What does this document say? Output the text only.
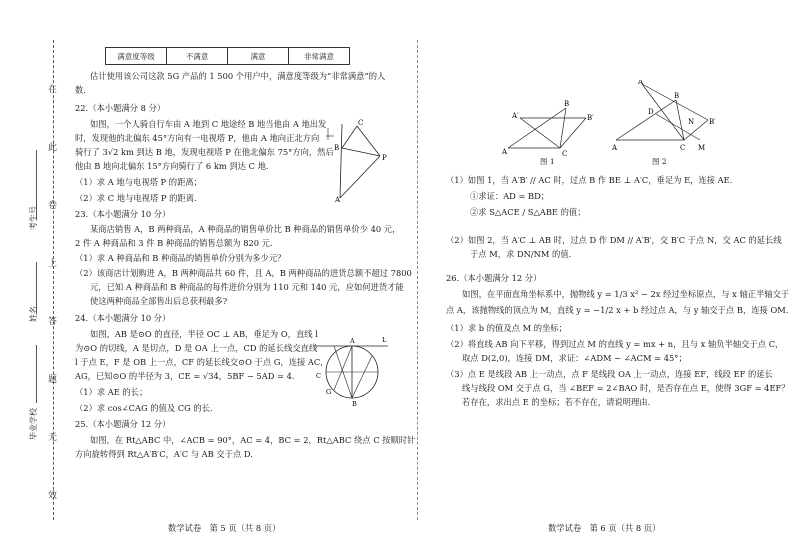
在
此
卷
上
答
题
无
效
考生号
姓名
毕业学校
满意度等级	不满意	满意	非常满意
估计使用该公司这款 5G 产品的 1 500 个用户中，满意度等级为“非常满意”的人
数.
22.（本小题满分 8 分）
如图，一个人骑自行车由 A 地到 C 地途经 B 地当他由 A 地出发
时，发现他的北偏东 45°方向有一电视塔 P，他由 A 地向正北方向
骑行了 3√2 km 到达 B 地，发现电视塔 P 在他北偏东 75°方向，然后
他由 B 地向北偏东 15°方向骑行了 6 km 到达 C 地.
（1）求 A 地与电视塔 P 的距离；
（2）求 C 地与电视塔 P 的距离.
C
P
B
A
23.（本小题满分 10 分）
某商店销售 A，B 两种商品，A 种商品的销售单价比 B 种商品的销售单价少 40 元，
2 件 A 种商品和 3 件 B 种商品的销售总额为 820 元.
（1）求 A 种商品和 B 种商品的销售单价分别为多少元？
（2）该商店计划购进 A，B 两种商品共 60 件，且 A，B 两种商品的进货总额不超过 7800
元，已知 A 种商品和 B 种商品的每件进价分别为 110 元和 140 元，应如何进货才能
使这两种商品全部售出后总获利最多?
24.（本小题满分 10 分）
如图，AB 是⊙O 的直径，半径 OC ⊥ AB，垂足为 O，直线 l
为⊙O 的切线，A 是切点，D 是 OA 上一点，CD 的延长线交直线
l 于点 E，F 是 OB 上一点，CF 的延长线交⊙O 于点 G，连接 AC，
AG，已知⊙O 的半径为 3，CE = √34，5BF − 5AD = 4.
（1）求 AE 的长；
（2）求 cos∠CAG 的值及 CG 的长.
A	L
C
B
G
25.（本小题满分 12 分）
如图，在 Rt△ABC 中，∠ACB = 90°，AC = 4，BC = 2，Rt△ABC 绕点 C 按顺时针
方向旋转得到 Rt△A′B′C，A′C 与 AB 交于点 D.
数学试卷　第 5 页（共 8 页）
A	C
B
A′	B′
图 1
A	C M
A′
B′
B
D
N
图 2
（1）如图 1，当 A′B′ // AC 时，过点 B 作 BE ⊥ A′C，垂足为 E，连接 AE.
①求证：AD = BD；
②求 S△ACE / S△ABE 的值；
（2）如图 2，当 A′C ⊥ AB 时，过点 D 作 DM // A′B′，交 B′C 于点 N，交 AC 的延长线
于点 M，求 DN/NM 的值.
26.（本小题满分 12 分）
如图，在平面直角坐标系中，抛物线 y = 1/3 x² − 2x 经过坐标原点，与 x 轴正半轴交于
点 A，该抛物线的顶点为 M，直线 y = −1/2 x + b 经过点 A，与 y 轴交于点 B，连接 OM.
（1）求 b 的值及点 M 的坐标；
（2）将直线 AB 向下平移，得到过点 M 的直线 y = mx + n，且与 x 轴负半轴交于点 C，
取点 D(2,0)，连接 DM，求证：∠ADM − ∠ACM = 45°；
（3）点 E 是线段 AB 上一动点，点 F 是线段 OA 上一动点，连接 EF，线段 EF 的延长
线与线段 OM 交于点 G，当 ∠BEF = 2∠BAO 时，是否存在点 E，使得 3GF = 4EF？
若存在，求出点 E 的坐标；若不存在，请说明理由.
数学试卷　第 6 页（共 8 页）
